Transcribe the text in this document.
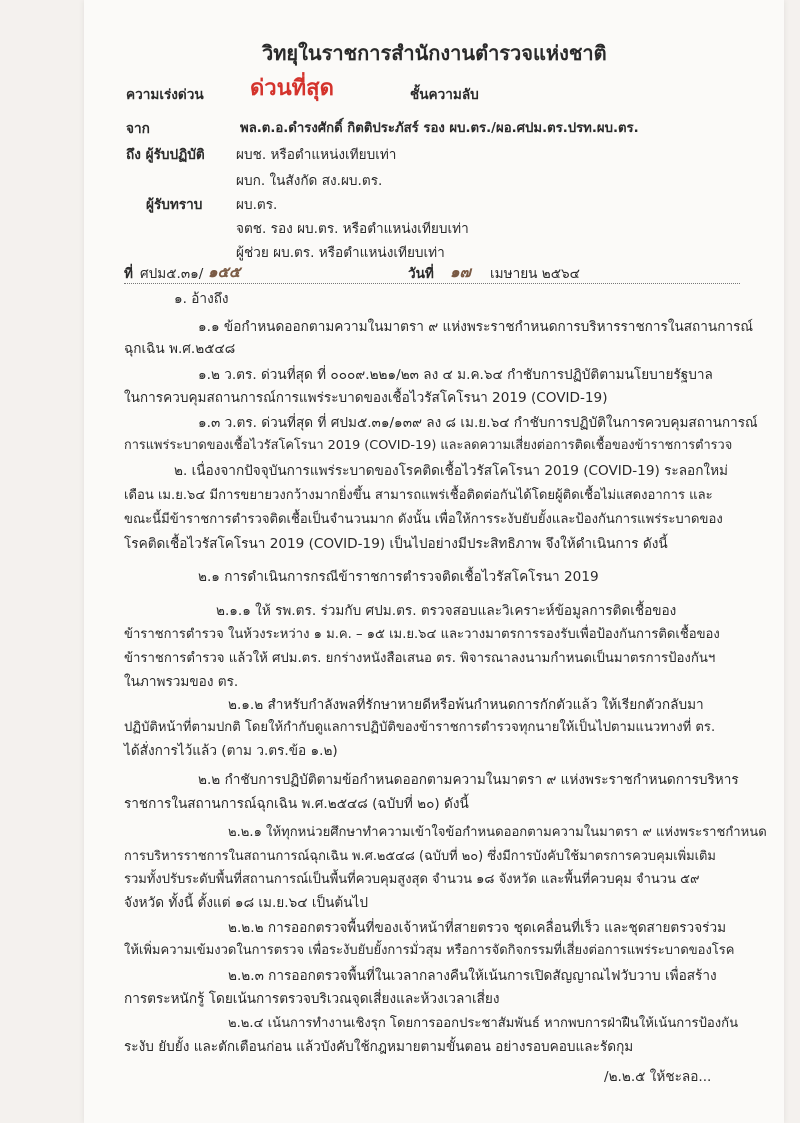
วิทยุในราชการสำนักงานตำรวจแห่งชาติ
ความเร่งด่วน ด่วนที่สุด	ชั้นความลับ
จาก	พล.ต.อ.ดำรงศักดิ์ กิตติประภัสร์ รอง ผบ.ตร./ผอ.ศปม.ตร.ปรท.ผบ.ตร.
ถึง ผู้รับปฏิบัติ ผบช. หรือตำแหน่งเทียบเท่า
ผบก. ในสังกัด สง.ผบ.ตร.
ผู้รับทราบ ผบ.ตร.
จตช. รอง ผบ.ตร. หรือตำแหน่งเทียบเท่า
ผู้ช่วย ผบ.ตร. หรือตำแหน่งเทียบเท่า
ที่ ศปม๕.๓๑/ ๑๕๕	วันที่ ๑๗ เมษายน ๒๕๖๔
๑. อ้างถึง
๑.๑ ข้อกำหนดออกตามความในมาตรา ๙ แห่งพระราชกำหนดการบริหารราชการในสถานการณ์
ฉุกเฉิน พ.ศ.๒๕๔๘
๑.๒ ว.ตร. ด่วนที่สุด ที่ ๐๐๐๙.๒๒๑/๒๓ ลง ๔ ม.ค.๖๔ กำชับการปฏิบัติตามนโยบายรัฐบาล
ในการควบคุมสถานการณ์การแพร่ระบาดของเชื้อไวรัสโคโรนา 2019 (COVID-19)
๑.๓ ว.ตร. ด่วนที่สุด ที่ ศปม๕.๓๑/๑๓๙ ลง ๘ เม.ย.๖๔ กำชับการปฏิบัติในการควบคุมสถานการณ์
การแพร่ระบาดของเชื้อไวรัสโคโรนา 2019 (COVID-19) และลดความเสี่ยงต่อการติดเชื้อของข้าราชการตำรวจ
๒. เนื่องจากปัจจุบันการแพร่ระบาดของโรคติดเชื้อไวรัสโคโรนา 2019 (COVID-19) ระลอกใหม่
เดือน เม.ย.๖๔ มีการขยายวงกว้างมากยิ่งขึ้น สามารถแพร่เชื้อติดต่อกันได้โดยผู้ติดเชื้อไม่แสดงอาการ และ
ขณะนี้มีข้าราชการตำรวจติดเชื้อเป็นจำนวนมาก ดังนั้น เพื่อให้การระงับยับยั้งและป้องกันการแพร่ระบาดของ
โรคติดเชื้อไวรัสโคโรนา 2019 (COVID-19) เป็นไปอย่างมีประสิทธิภาพ จึงให้ดำเนินการ ดังนี้
๒.๑ การดำเนินการกรณีข้าราชการตำรวจติดเชื้อไวรัสโคโรนา 2019
๒.๑.๑ ให้ รพ.ตร. ร่วมกับ ศปม.ตร. ตรวจสอบและวิเคราะห์ข้อมูลการติดเชื้อของ
ข้าราชการตำรวจ ในห้วงระหว่าง ๑ ม.ค. – ๑๕ เม.ย.๖๔ และวางมาตรการรองรับเพื่อป้องกันการติดเชื้อของ
ข้าราชการตำรวจ แล้วให้ ศปม.ตร. ยกร่างหนังสือเสนอ ตร. พิจารณาลงนามกำหนดเป็นมาตรการป้องกันฯ
ในภาพรวมของ ตร.
๒.๑.๒ สำหรับกำลังพลที่รักษาหายดีหรือพ้นกำหนดการกักตัวแล้ว ให้เรียกตัวกลับมา
ปฏิบัติหน้าที่ตามปกติ โดยให้กำกับดูแลการปฏิบัติของข้าราชการตำรวจทุกนายให้เป็นไปตามแนวทางที่ ตร.
ได้สั่งการไว้แล้ว (ตาม ว.ตร.ข้อ ๑.๒)
๒.๒ กำชับการปฏิบัติตามข้อกำหนดออกตามความในมาตรา ๙ แห่งพระราชกำหนดการบริหาร
ราชการในสถานการณ์ฉุกเฉิน พ.ศ.๒๕๔๘ (ฉบับที่ ๒๐) ดังนี้
๒.๒.๑ ให้ทุกหน่วยศึกษาทำความเข้าใจข้อกำหนดออกตามความในมาตรา ๙ แห่งพระราชกำหนด
การบริหารราชการในสถานการณ์ฉุกเฉิน พ.ศ.๒๕๔๘ (ฉบับที่ ๒๐) ซึ่งมีการบังคับใช้มาตรการควบคุมเพิ่มเติม
รวมทั้งปรับระดับพื้นที่สถานการณ์เป็นพื้นที่ควบคุมสูงสุด จำนวน ๑๘ จังหวัด และพื้นที่ควบคุม จำนวน ๕๙
จังหวัด ทั้งนี้ ตั้งแต่ ๑๘ เม.ย.๖๔ เป็นต้นไป
๒.๒.๒ การออกตรวจพื้นที่ของเจ้าหน้าที่สายตรวจ ชุดเคลื่อนที่เร็ว และชุดสายตรวจร่วม
ให้เพิ่มความเข้มงวดในการตรวจ เพื่อระงับยับยั้งการมั่วสุม หรือการจัดกิจกรรมที่เสี่ยงต่อการแพร่ระบาดของโรค
๒.๒.๓ การออกตรวจพื้นที่ในเวลากลางคืนให้เน้นการเปิดสัญญาณไฟวับวาบ เพื่อสร้าง
การตระหนักรู้ โดยเน้นการตรวจบริเวณจุดเสี่ยงและห้วงเวลาเสี่ยง
๒.๒.๔ เน้นการทำงานเชิงรุก โดยการออกประชาสัมพันธ์ หากพบการฝ่าฝืนให้เน้นการป้องกัน
ระงับ ยับยั้ง และตักเตือนก่อน แล้วบังคับใช้กฎหมายตามขั้นตอน อย่างรอบคอบและรัดกุม
/๒.๒.๕ ให้ชะลอ...
